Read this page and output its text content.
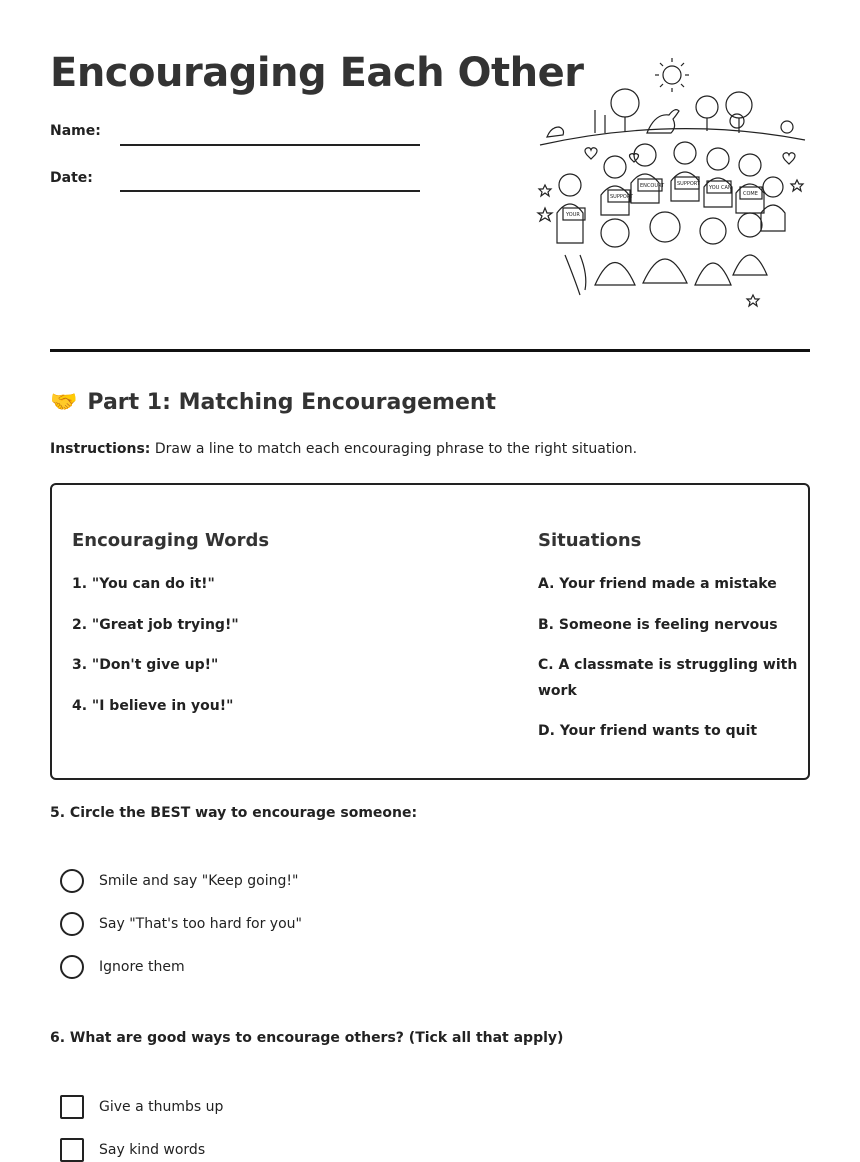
Encouraging Each Other
Name:
Date:
YOUR
SUPPORT
ENCOURT	SUPPORT
YOU CAN
COME
🤝 Part 1: Matching Encouragement
Instructions: Draw a line to match each encouraging phrase to the right situation.
Encouraging Words
1. "You can do it!"
2. "Great job trying!"
3. "Don't give up!"
4. "I believe in you!"
Situations
A. Your friend made a mistake
B. Someone is feeling nervous
C. A classmate is struggling with work
D. Your friend wants to quit
5. Circle the BEST way to encourage someone:
Smile and say "Keep going!"
Say "That's too hard for you"
Ignore them
6. What are good ways to encourage others? (Tick all that apply)
Give a thumbs up
Say kind words
